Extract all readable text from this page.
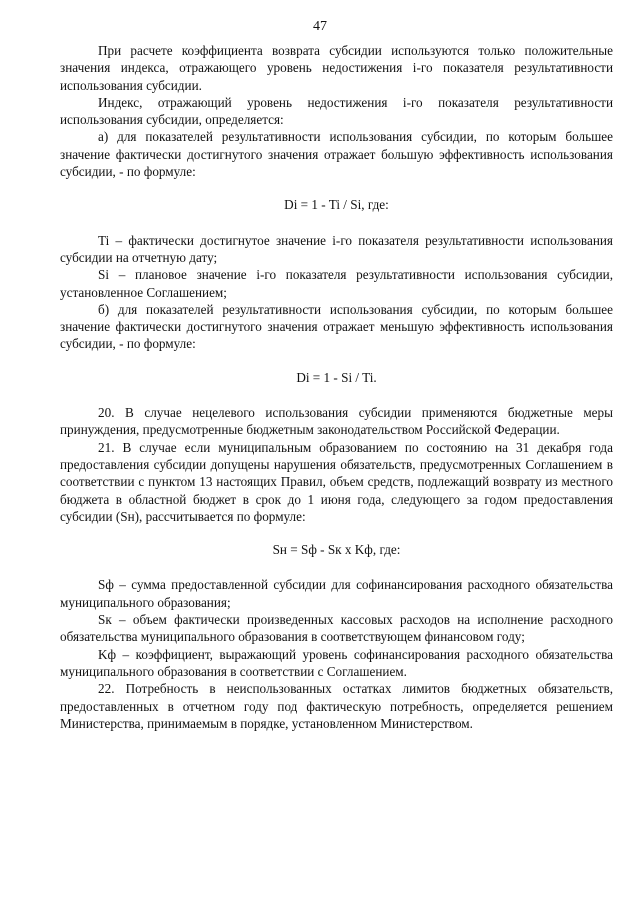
47

При расчете коэффициента возврата субсидии используются только положительные значения индекса, отражающего уровень недостижения i-го показателя результативности использования субсидии.

Индекс, отражающий уровень недостижения i-го показателя результативности использования субсидии, определяется:

а) для показателей результативности использования субсидии, по которым большее значение фактически достигнутого значения отражает большую эффективность использования субсидии, - по формуле:

Di = 1 - Ti / Si, где:

Ti – фактически достигнутое значение i-го показателя результативности использования субсидии на отчетную дату;

Si – плановое значение i-го показателя результативности использования субсидии, установленное Соглашением;

б) для показателей результативности использования субсидии, по которым большее значение фактически достигнутого значения отражает меньшую эффективность использования субсидии, - по формуле:

Di = 1 - Si / Ti.

20. В случае нецелевого использования субсидии применяются бюджетные меры принуждения, предусмотренные бюджетным законодательством Российской Федерации.

21. В случае если муниципальным образованием по состоянию на 31 декабря года предоставления субсидии допущены нарушения обязательств, предусмотренных Соглашением в соответствии с пунктом 13 настоящих Правил, объем средств, подлежащий возврату из местного бюджета в областной бюджет в срок до 1 июня года, следующего за годом предоставления субсидии (Sн), рассчитывается по формуле:

Sн = Sф - Sк x Kф, где:

Sф – сумма предоставленной субсидии для софинансирования расходного обязательства муниципального образования;

Sк – объем фактически произведенных кассовых расходов на исполнение расходного обязательства муниципального образования в соответствующем финансовом году;

Kф – коэффициент, выражающий уровень софинансирования расходного обязательства муниципального образования в соответствии с Соглашением.

22. Потребность в неиспользованных остатках лимитов бюджетных обязательств, предоставленных в отчетном году под фактическую потребность, определяется решением Министерства, принимаемым в порядке, установленном Министерством.
